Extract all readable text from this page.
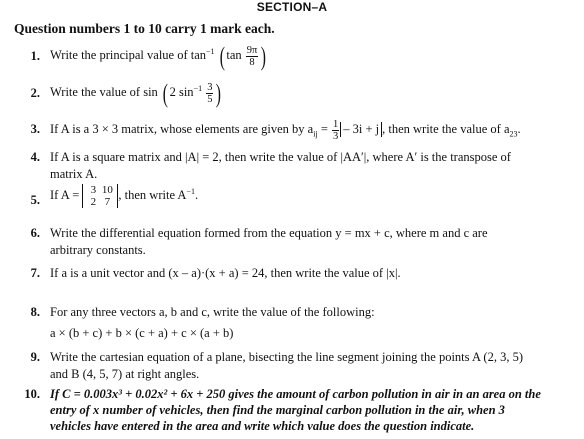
SECTION–A
Question numbers 1 to 10 carry 1 mark each.
1. Write the principal value of $\tan^{-1}$ ( $\tan \frac{9\pi}{8}$ )
2. Write the value of sin ( 2 $\sin^{-1} \frac{3}{5}$ )
3. If A is a 3 × 3 matrix, whose elements are given by $a_{ij} = \frac{1}{3} - 3i + j$ , then write the value of $a_{23}$.
4. If A is a square matrix and |A| = 2, then write the value of |AA′|, where A′ is the transpose of
matrix A.
5. If A =	3 10
2 7
, then write $A^{-1}$.
6. Write the differential equation formed from the equation y = mx + c, where m and c are
arbitrary constants.
7. If a is a unit vector and (x – a)·(x + a) = 24, then write the value of |x|.
8. For any three vectors a, b and c, write the value of the following:
a × (b + c) + b × (c + a) + c × (a + b)
9. Write the cartesian equation of a plane, bisecting the line segment joining the points A (2, 3, 5)
and B (4, 5, 7) at right angles.
10. If C = 0.003x³ + 0.02x² + 6x + 250 gives the amount of carbon pollution in air in an area on the
entry of x number of vehicles, then find the marginal carbon pollution in the air, when 3
vehicles have entered in the area and write which value does the question indicate.
